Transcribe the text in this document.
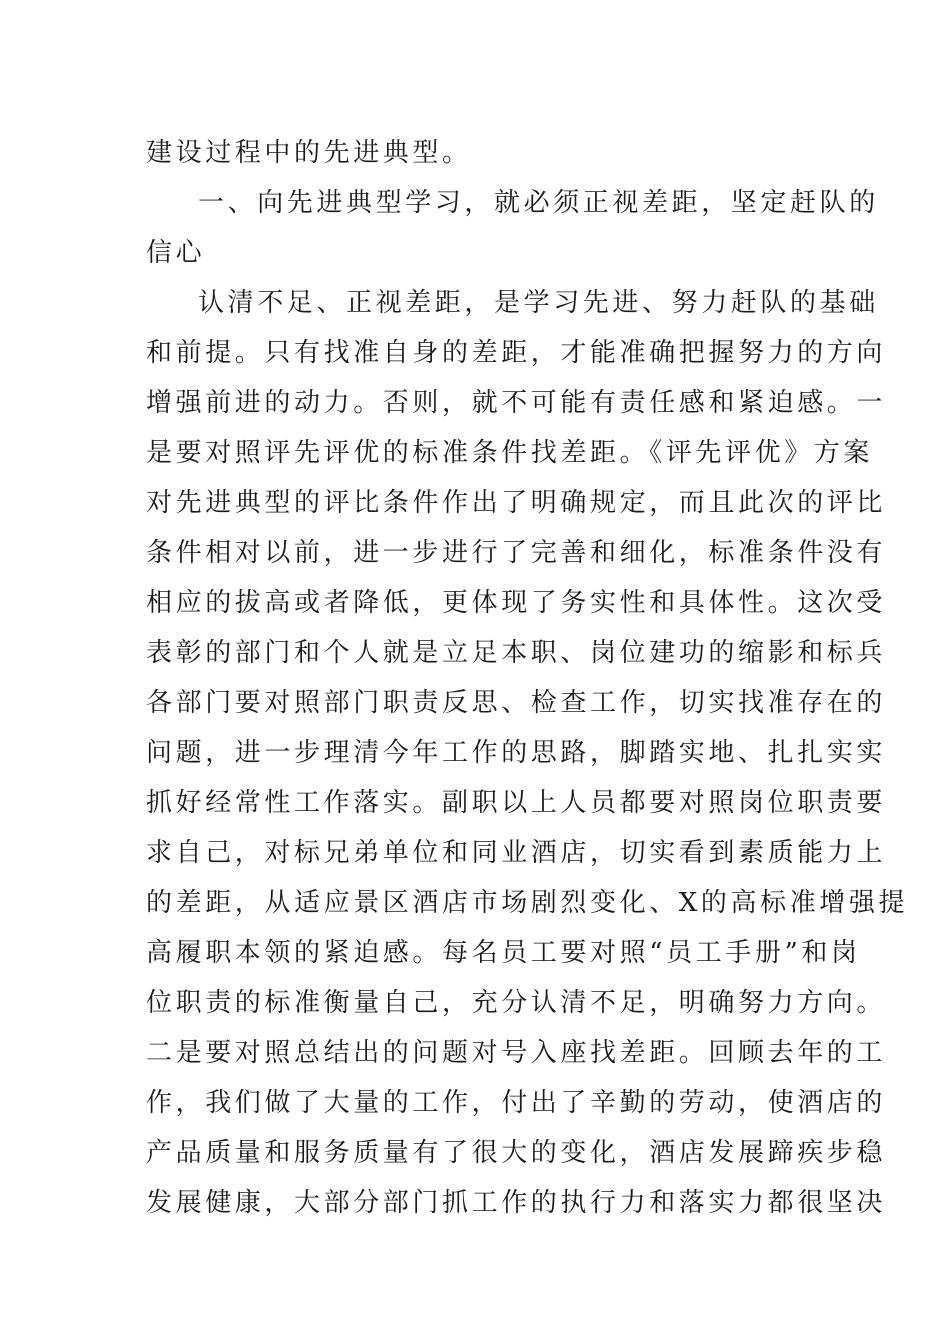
建设过程中的先进典型。
一、向先进典型学习，就必须正视差距，坚定赶队的
信心
认清不足、正视差距，是学习先进、努力赶队的基础
和前提。只有找准自身的差距，才能准确把握努力的方向
增强前进的动力。否则，就不可能有责任感和紧迫感。一
是要对照评先评优的标准条件找差距。《评先评优》方案
对先进典型的评比条件作出了明确规定，而且此次的评比
条件相对以前，进一步进行了完善和细化，标准条件没有
相应的拔高或者降低，更体现了务实性和具体性。这次受
表彰的部门和个人就是立足本职、岗位建功的缩影和标兵
各部门要对照部门职责反思、检查工作，切实找准存在的
问题，进一步理清今年工作的思路，脚踏实地、扎扎实实
抓好经常性工作落实。副职以上人员都要对照岗位职责要
求自己，对标兄弟单位和同业酒店，切实看到素质能力上
的差距，从适应景区酒店市场剧烈变化、X的高标准增强提
高履职本领的紧迫感。每名员工要对照“员工手册”和岗
位职责的标准衡量自己，充分认清不足，明确努力方向。
二是要对照总结出的问题对号入座找差距。回顾去年的工
作，我们做了大量的工作，付出了辛勤的劳动，使酒店的
产品质量和服务质量有了很大的变化，酒店发展蹄疾步稳
发展健康，大部分部门抓工作的执行力和落实力都很坚决
